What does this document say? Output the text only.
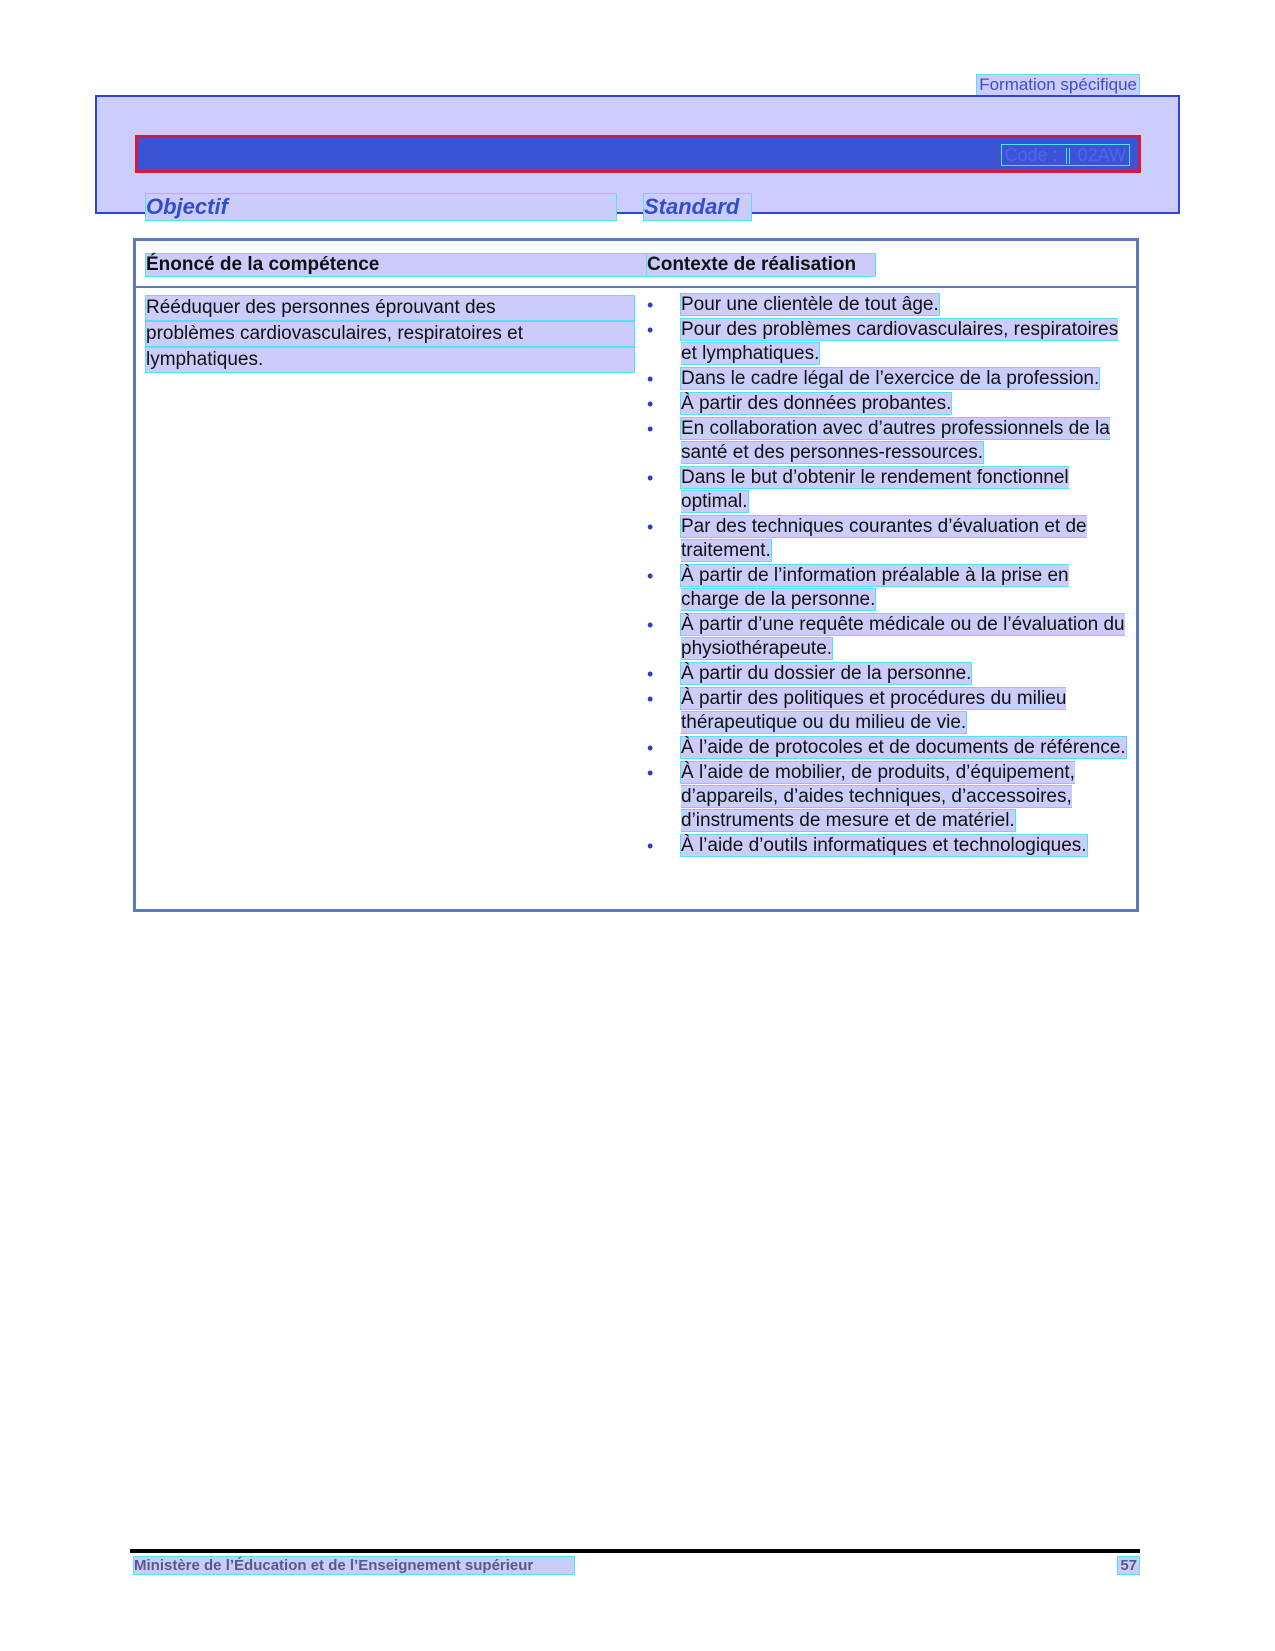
Formation spécifique
Code : 02AW
Objectif	Standard
Énoncé de la compétence	Contexte de réalisation
Rééduquer des personnes éprouvant des
problèmes cardiovasculaires, respiratoires et
lymphatiques.
• Pour une clientèle de tout âge.
• Pour des problèmes cardiovasculaires, respiratoires et lymphatiques.
• Dans le cadre légal de l’exercice de la profession.
• À partir des données probantes.
• En collaboration avec d’autres professionnels de la santé et des personnes-ressources.
• Dans le but d’obtenir le rendement fonctionnel optimal.
• Par des techniques courantes d’évaluation et de traitement.
• À partir de l’information préalable à la prise en charge de la personne.
• À partir d’une requête médicale ou de l’évaluation du physiothérapeute.
• À partir du dossier de la personne.
• À partir des politiques et procédures du milieu thérapeutique ou du milieu de vie.
• À l’aide de protocoles et de documents de référence.
• À l’aide de mobilier, de produits, d’équipement, d’appareils, d’aides techniques, d’accessoires, d’instruments de mesure et de matériel.
• À l’aide d’outils informatiques et technologiques.
Ministère de l’Éducation et de l’Enseignement supérieur	57
